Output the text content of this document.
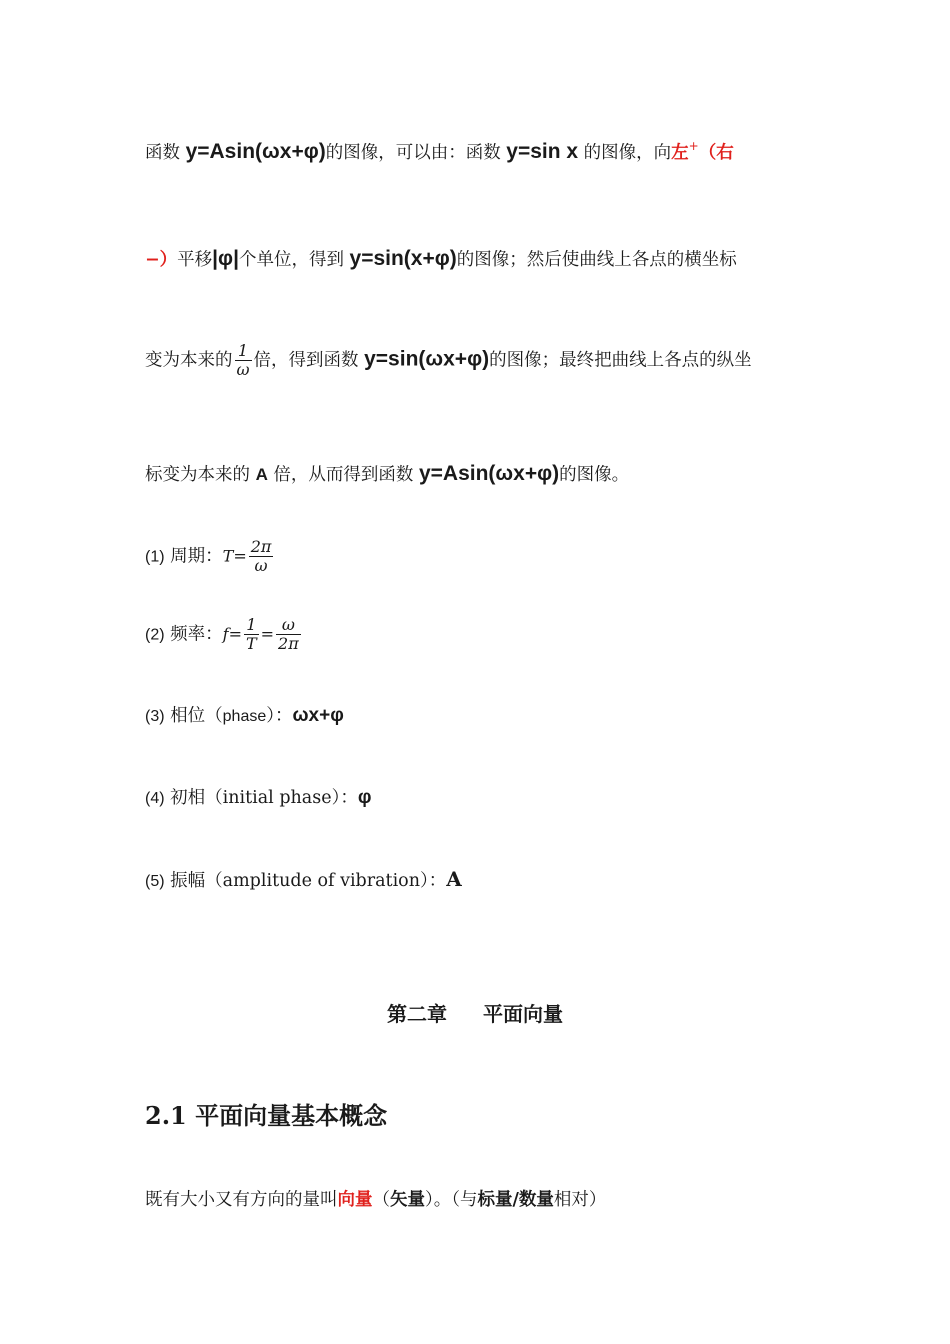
函数 y=Asin(ωx+φ)的图像，可以由：函数 y=sin x 的图像，向左+（右
−）平移|φ|个单位，得到 y=sin(x+φ)的图像；然后使曲线上各点的横坐标
变为本来的 $\frac{1}{\omega}$ 倍，得到函数 y=sin(ωx+φ)的图像；最终把曲线上各点的纵坐
标变为本来的 A 倍，从而得到函数 y=Asin(ωx+φ)的图像。
(1) 周期：$T= \frac{2\pi}{\omega}$
(2) 频率：$f= \frac{1}{T} = \frac{\omega}{2\pi}$
(3) 相位（phase）：ωx+φ
(4) 初相（initial phase）：φ
(5) 振幅（amplitude of vibration）：A
第二章 平面向量
2.1 平面向量基本概念
既有大小又有方向的量叫向量（矢量）。（与标量/数量相对）
